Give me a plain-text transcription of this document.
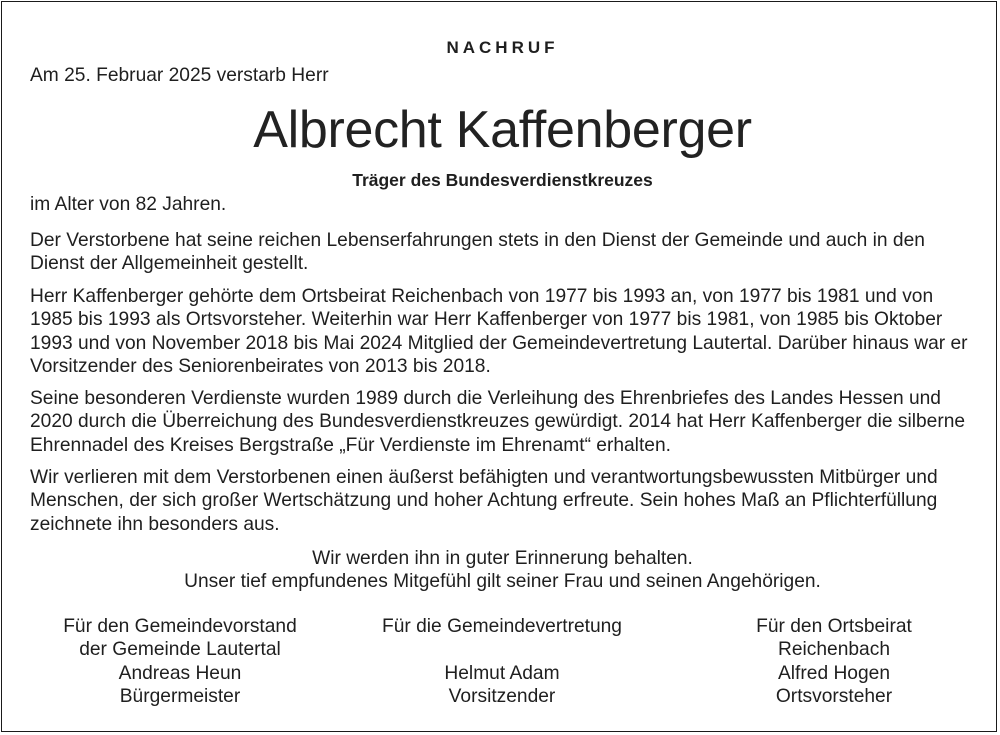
NACHRUF
Am 25. Februar 2025 verstarb Herr
Albrecht Kaffenberger
Träger des Bundesverdienstkreuzes
im Alter von 82 Jahren.

Der Verstorbene hat seine reichen Lebenserfahrungen stets in den Dienst der Gemeinde und auch in den Dienst der Allgemeinheit gestellt.

Herr Kaffenberger gehörte dem Ortsbeirat Reichenbach von 1977 bis 1993 an, von 1977 bis 1981 und von 1985 bis 1993 als Ortsvorsteher. Weiterhin war Herr Kaffenberger von 1977 bis 1981, von 1985 bis Oktober 1993 und von November 2018 bis Mai 2024 Mitglied der Gemeindevertretung Lautertal. Darüber hinaus war er Vorsitzender des Seniorenbeirates von 2013 bis 2018.

Seine besonderen Verdienste wurden 1989 durch die Verleihung des Ehrenbriefes des Landes Hessen und 2020 durch die Überreichung des Bundesverdienstkreuzes gewürdigt. 2014 hat Herr Kaffenberger die silberne Ehrennadel des Kreises Bergstraße „Für Verdienste im Ehrenamt“ erhalten.

Wir verlieren mit dem Verstorbenen einen äußerst befähigten und verantwortungsbewussten Mitbürger und Menschen, der sich großer Wertschätzung und hoher Achtung erfreute. Sein hohes Maß an Pflichterfüllung zeichnete ihn besonders aus.

Wir werden ihn in guter Erinnerung behalten.
Unser tief empfundenes Mitgefühl gilt seiner Frau und seinen Angehörigen.
Für den Gemeindevorstand
der Gemeinde Lautertal
Andreas Heun
Bürgermeister
Für die Gemeindevertretung
Helmut Adam
Vorsitzender
Für den Ortsbeirat
Reichenbach
Alfred Hogen
Ortsvorsteher
